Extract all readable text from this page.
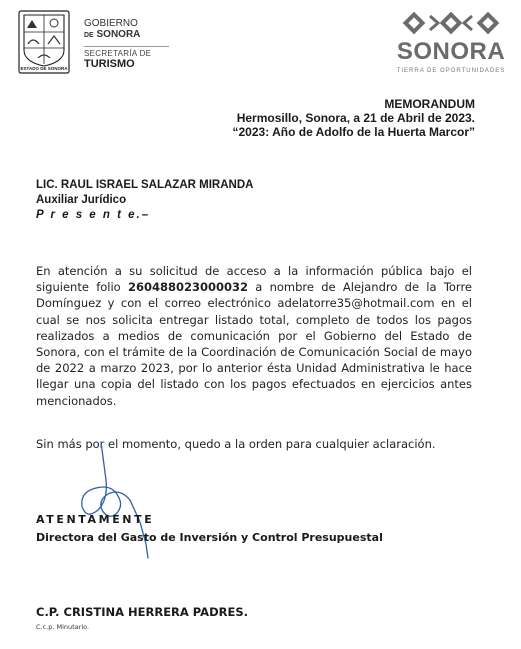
ESTADO DE SONORA
GOBIERNO
DE SONORA
SECRETARÍA DE
TURISMO	SONORA
TIERRA DE OPORTUNIDADES
MEMORANDUM
Hermosillo, Sonora, a 21 de Abril de 2023.
“2023: Año de Adolfo de la Huerta Marcor”
LIC. RAUL ISRAEL SALAZAR MIRANDA
Auxiliar Jurídico
P r e s e n t e.–
En atención a su solicitud de acceso a la información pública bajo el siguiente folio 260488023000032 a nombre de Alejandro de la Torre Domínguez y con el correo electrónico adelatorre35@hotmail.com en el cual se nos solicita entregar listado total, completo de todos los pagos realizados a medios de comunicación por el Gobierno del Estado de Sonora, con el trámite de la Coordinación de Comunicación Social de mayo de 2022 a marzo 2023, por lo anterior ésta Unidad Administrativa le hace llegar una copia del listado con los pagos efectuados en ejercicios antes mencionados.
Sin más por el momento, quedo a la orden para cualquier aclaración.
ATENTAMENTE
Directora del Gasto de Inversión y Control Presupuestal
C.P. CRISTINA HERRERA PADRES.
C.c.p. Minutario.
